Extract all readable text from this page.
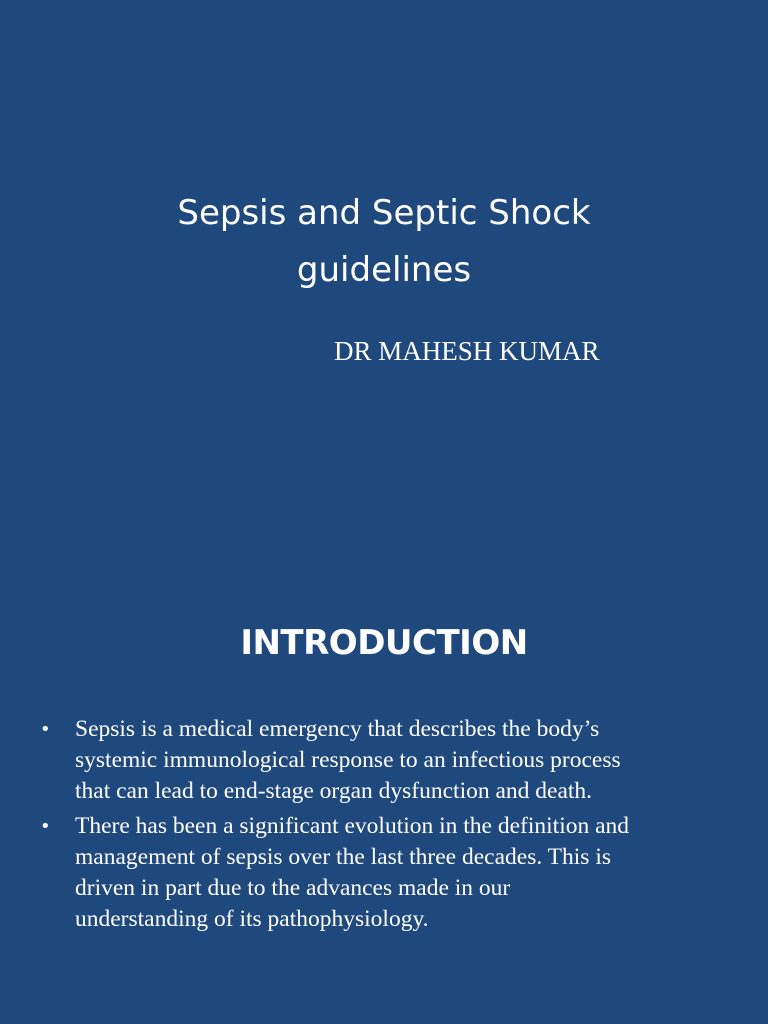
Sepsis and Septic Shock
guidelines

DR MAHESH KUMAR

INTRODUCTION
• Sepsis is a medical emergency that describes the body’s
systemic immunological response to an infectious process
that can lead to end-stage organ dysfunction and death.
• There has been a significant evolution in the definition and
management of sepsis over the last three decades. This is
driven in part due to the advances made in our
understanding of its pathophysiology.
